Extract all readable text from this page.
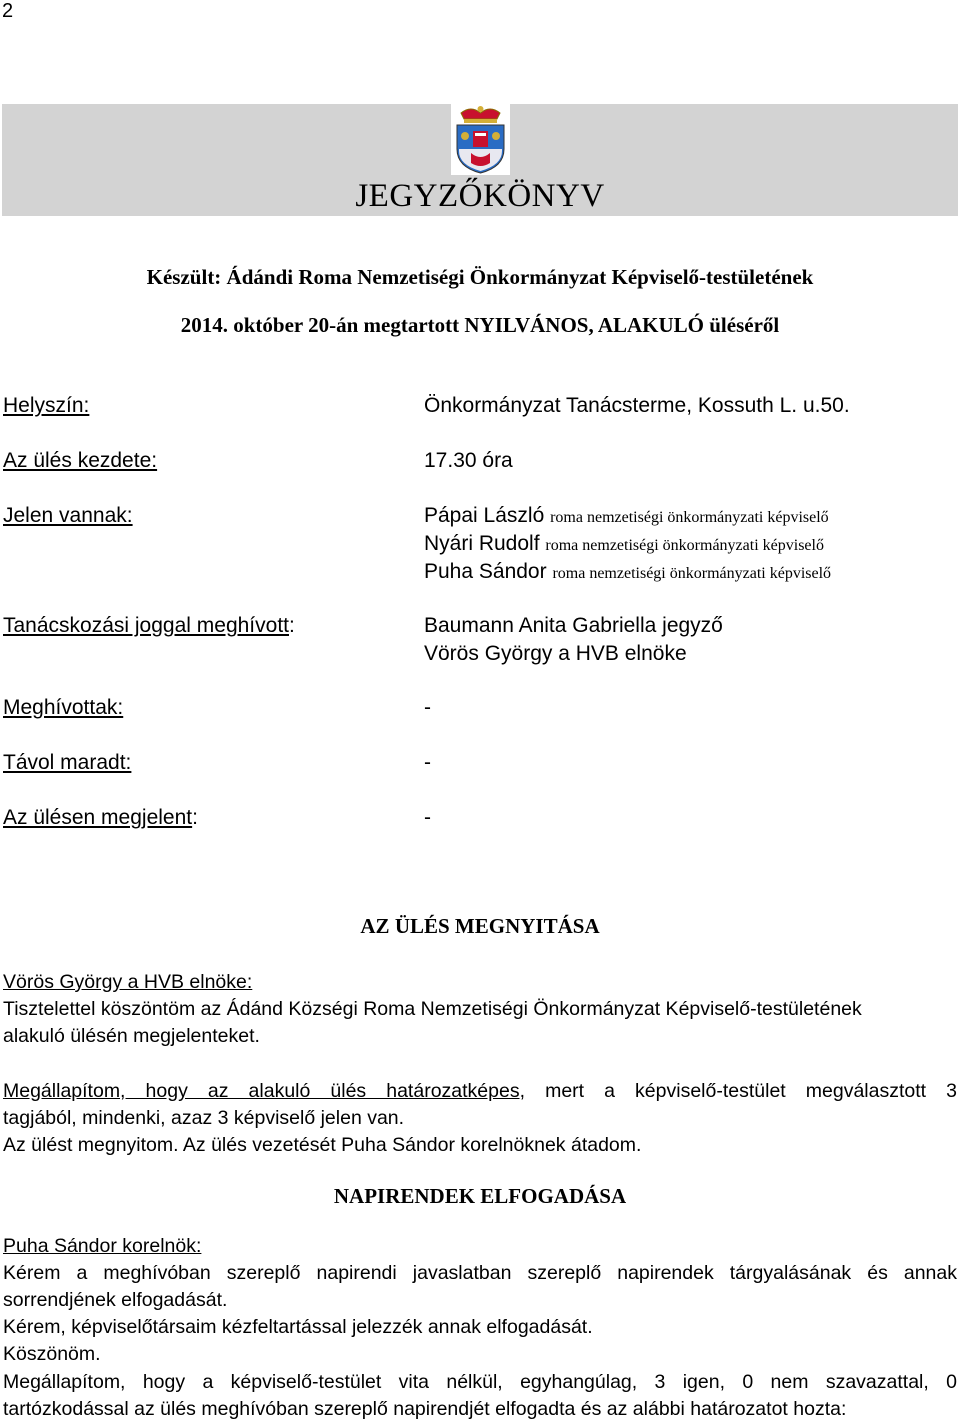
2
JEGYZŐKÖNYV
Készült: Ádándi Roma Nemzetiségi Önkormányzat Képviselő-testületének
2014. október 20-án megtartott NYILVÁNOS, ALAKULÓ üléséről
Helyszín:	Önkormányzat Tanácsterme, Kossuth L. u.50.
Az ülés kezdete:	17.30 óra
Jelen vannak:	Pápai László roma nemzetiségi önkormányzati képviselő
Nyári Rudolf roma nemzetiségi önkormányzati képviselő
Puha Sándor roma nemzetiségi önkormányzati képviselő
Tanácskozási joggal meghívott:	Baumann Anita Gabriella jegyző
Vörös György a HVB elnöke
Meghívottak:	-
Távol maradt:	-
Az ülésen megjelent:	-
AZ ÜLÉS MEGNYITÁSA
Vörös György a HVB elnöke:
Tisztelettel köszöntöm az Ádánd Községi Roma Nemzetiségi Önkormányzat Képviselő-testületének
alakuló ülésén megjelenteket.
Megállapítom, hogy az alakuló ülés határozatképes, mert a képviselő-testület megválasztott 3
tagjából, mindenki, azaz 3 képviselő jelen van.
Az ülést megnyitom. Az ülés vezetését Puha Sándor korelnöknek átadom.
NAPIRENDEK ELFOGADÁSA
Puha Sándor korelnök:
Kérem a meghívóban szereplő napirendi javaslatban szereplő napirendek tárgyalásának és annak
sorrendjének elfogadását.
Kérem, képviselőtársaim kézfeltartással jelezzék annak elfogadását.
Köszönöm.
Megállapítom, hogy a képviselő-testület vita nélkül, egyhangúlag, 3 igen, 0 nem szavazattal, 0
tartózkodással az ülés meghívóban szereplő napirendjét elfogadta és az alábbi határozatot hozta:
